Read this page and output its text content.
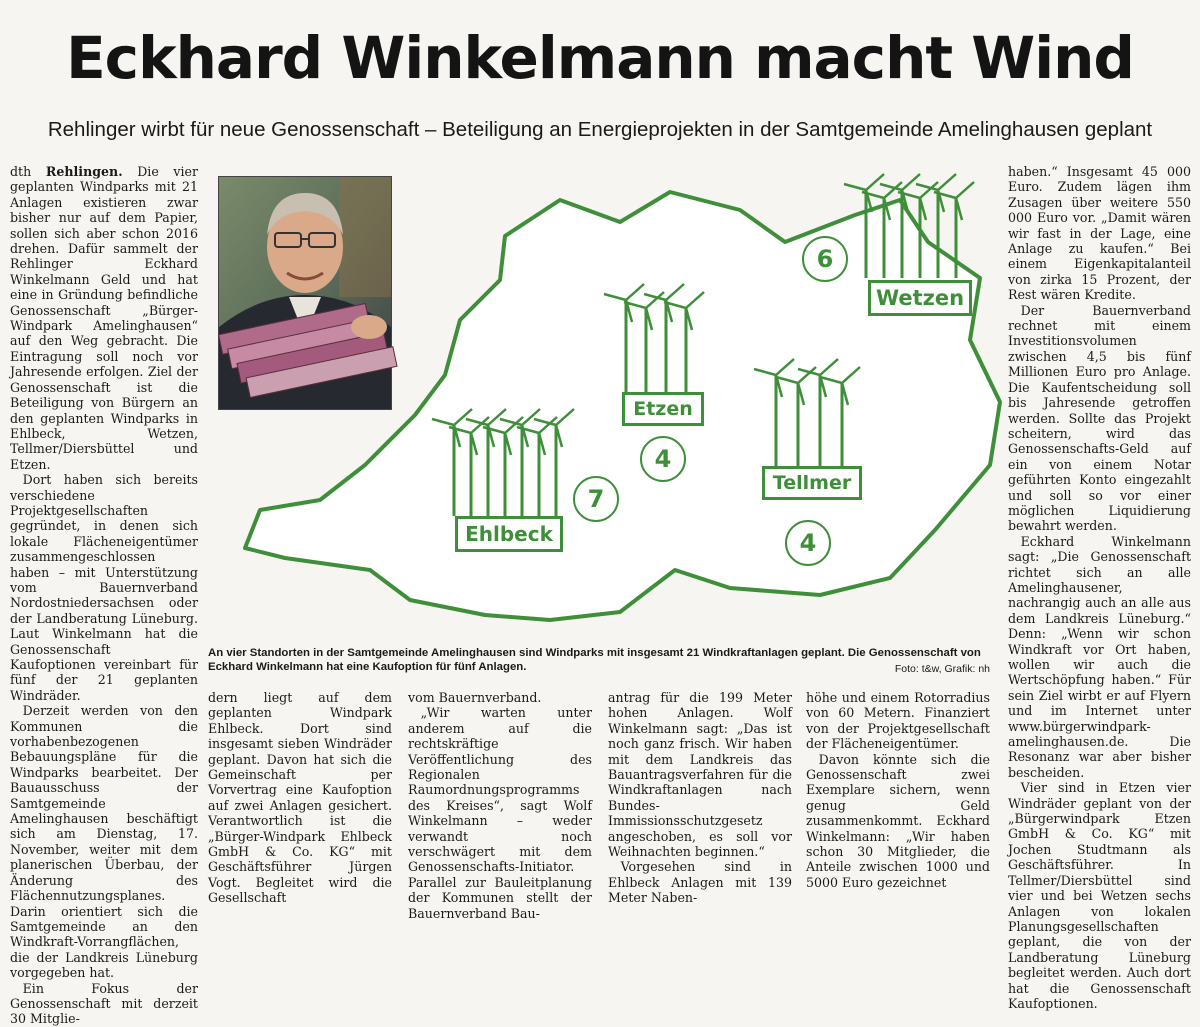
Eckhard Winkelmann macht Wind
Rehlinger wirbt für neue Genossenschaft – Beteiligung an Energieprojekten in der Samtgemeinde Amelinghausen geplant

dth Rehlingen. Die vier geplanten Windparks mit 21 Anlagen existieren zwar bisher nur auf dem Papier, sollen sich aber schon 2016 drehen. Dafür sammelt der Rehlinger Eckhard Winkelmann Geld und hat eine in Gründung befindliche Genossenschaft „Bürger-Windpark Amelinghausen“ auf den Weg gebracht. Die Eintragung soll noch vor Jahresende erfolgen. Ziel der Genossenschaft ist die Beteiligung von Bürgern an den geplanten Windparks in Ehlbeck, Wetzen, Tellmer/Diersbüttel und Etzen.

Dort haben sich bereits verschiedene Projektgesellschaften gegründet, in denen sich lokale Flächeneigentümer zusammengeschlossen haben – mit Unterstützung vom Bauernverband Nordostniedersachsen oder der Landberatung Lüneburg. Laut Winkelmann hat die Genossenschaft Kaufoptionen vereinbart für fünf der 21 geplanten Windräder.

Derzeit werden von den Kommunen die vorhabenbezogenen Bebauungspläne für die Windparks bearbeitet. Der Bauausschuss der Samtgemeinde Amelinghausen beschäftigt sich am Dienstag, 17. November, weiter mit dem planerischen Überbau, der Änderung des Flächennutzungsplanes. Darin orientiert sich die Samtgemeinde an den Windkraft-Vorrangflächen, die der Landkreis Lüneburg vorgegeben hat.

Ein Fokus der Genossenschaft mit derzeit 30 Mitglie-

Wetzen
6
Etzen
4
Tellmer
4
Ehlbeck
7
An vier Standorten in der Samtgemeinde Amelinghausen sind Windparks mit insgesamt 21 Windkraftanlagen geplant. Die Genossenschaft von Eckhard Winkelmann hat eine Kaufoption für fünf Anlagen.	Foto: t&w, Grafik: nh

dern liegt auf dem geplanten Windpark Ehlbeck. Dort sind insgesamt sieben Windräder geplant. Davon hat sich die Gemeinschaft per Vorvertrag eine Kaufoption auf zwei Anlagen gesichert. Verantwortlich ist die „Bürger-Windpark Ehlbeck GmbH & Co. KG“ mit Geschäftsführer Jürgen Vogt. Begleitet wird die Gesellschaft

vom Bauernverband.

„Wir warten unter anderem auf die rechtskräftige Veröffentlichung des Regionalen Raumordnungsprogramms des Kreises“, sagt Wolf Winkelmann – weder verwandt noch verschwägert mit dem Genossenschafts-Initiator. Parallel zur Bauleitplanung der Kommunen stellt der Bauernverband Bau-

antrag für die 199 Meter hohen Anlagen. Wolf Winkelmann sagt: „Das ist noch ganz frisch. Wir haben mit dem Landkreis das Bauantragsverfahren für die Windkraftanlagen nach Bundes-Immissionsschutzgesetz angeschoben, es soll vor Weihnachten beginnen.“

Vorgesehen sind in Ehlbeck Anlagen mit 139 Meter Naben-

höhe und einem Rotorradius von 60 Metern. Finanziert von der Projektgesellschaft der Flächeneigentümer.

Davon könnte sich die Genossenschaft zwei Exemplare sichern, wenn genug Geld zusammenkommt. Eckhard Winkelmann: „Wir haben schon 30 Mitglieder, die Anteile zwischen 1000 und 5000 Euro gezeichnet

haben.“ Insgesamt 45 000 Euro. Zudem lägen ihm Zusagen über weitere 550 000 Euro vor. „Damit wären wir fast in der Lage, eine Anlage zu kaufen.“ Bei einem Eigenkapitalanteil von zirka 15 Prozent, der Rest wären Kredite.

Der Bauernverband rechnet mit einem Investitionsvolumen zwischen 4,5 bis fünf Millionen Euro pro Anlage. Die Kaufentscheidung soll bis Jahresende getroffen werden. Sollte das Projekt scheitern, wird das Genossenschafts-Geld auf ein von einem Notar geführten Konto eingezahlt und soll so vor einer möglichen Liquidierung bewahrt werden.

Eckhard Winkelmann sagt: „Die Genossenschaft richtet sich an alle Amelinghausener, nachrangig auch an alle aus dem Landkreis Lüneburg.“ Denn: „Wenn wir schon Windkraft vor Ort haben, wollen wir auch die Wertschöpfung haben.“ Für sein Ziel wirbt er auf Flyern und im Internet unter www.bürgerwindpark-amelinghausen.de. Die Resonanz war aber bisher bescheiden.

Vier sind in Etzen vier Windräder geplant von der „Bürgerwindpark Etzen GmbH & Co. KG“ mit Jochen Studtmann als Geschäftsführer. In Tellmer/Diersbüttel sind vier und bei Wetzen sechs Anlagen von lokalen Planungsgesellschaften geplant, die von der Landberatung Lüneburg begleitet werden. Auch dort hat die Genossenschaft Kaufoptionen.
